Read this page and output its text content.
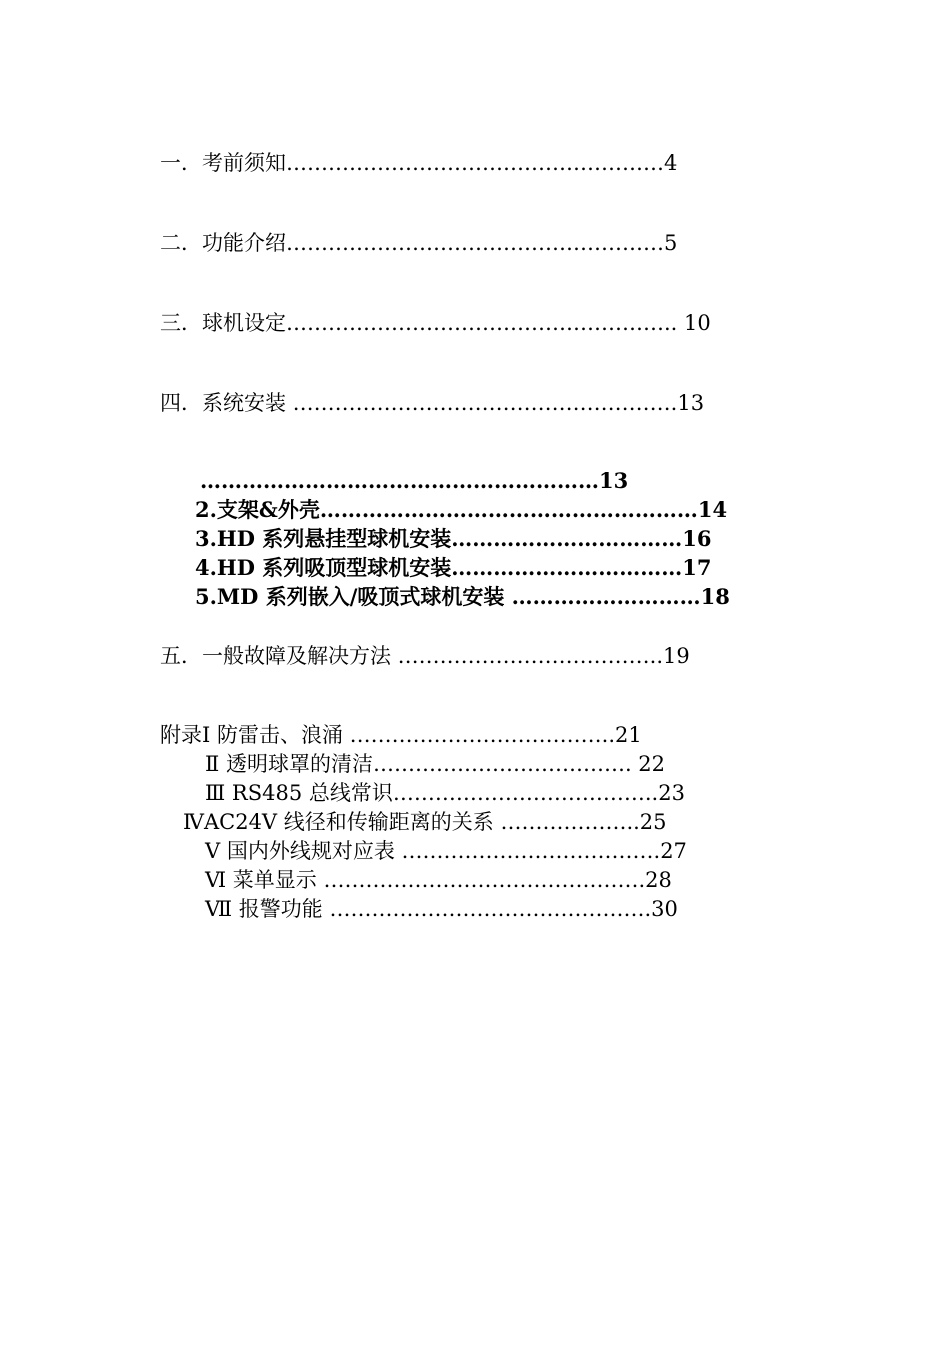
一．考前须知………………………………………………4
二．功能介绍………………………………………………5
三．球机设定……………………………………………….. 10
四．系统安装 ……………………………………………….13
…………………………………………………13
2.支架&外壳………………………………………………14
3.HD 系列悬挂型球机安装……………………………16
4.HD 系列吸顶型球机安装……………………………17
5.MD 系列嵌入/吸顶式球机安装 ………………………18
五．一般故障及解决方法 ………………………………..19
附录Ⅰ 防雷击、浪涌 ………………………………..21
Ⅱ 透明球罩的清洁………………………………. 22
Ⅲ RS485 总线常识………………………………..23
ⅣAC24V 线径和传输距离的关系 ………………..25
Ⅴ 国内外线规对应表 ……………………………….27
Ⅵ 菜单显示 ……………………………………….28
Ⅶ 报警功能 ……………………………………….30
